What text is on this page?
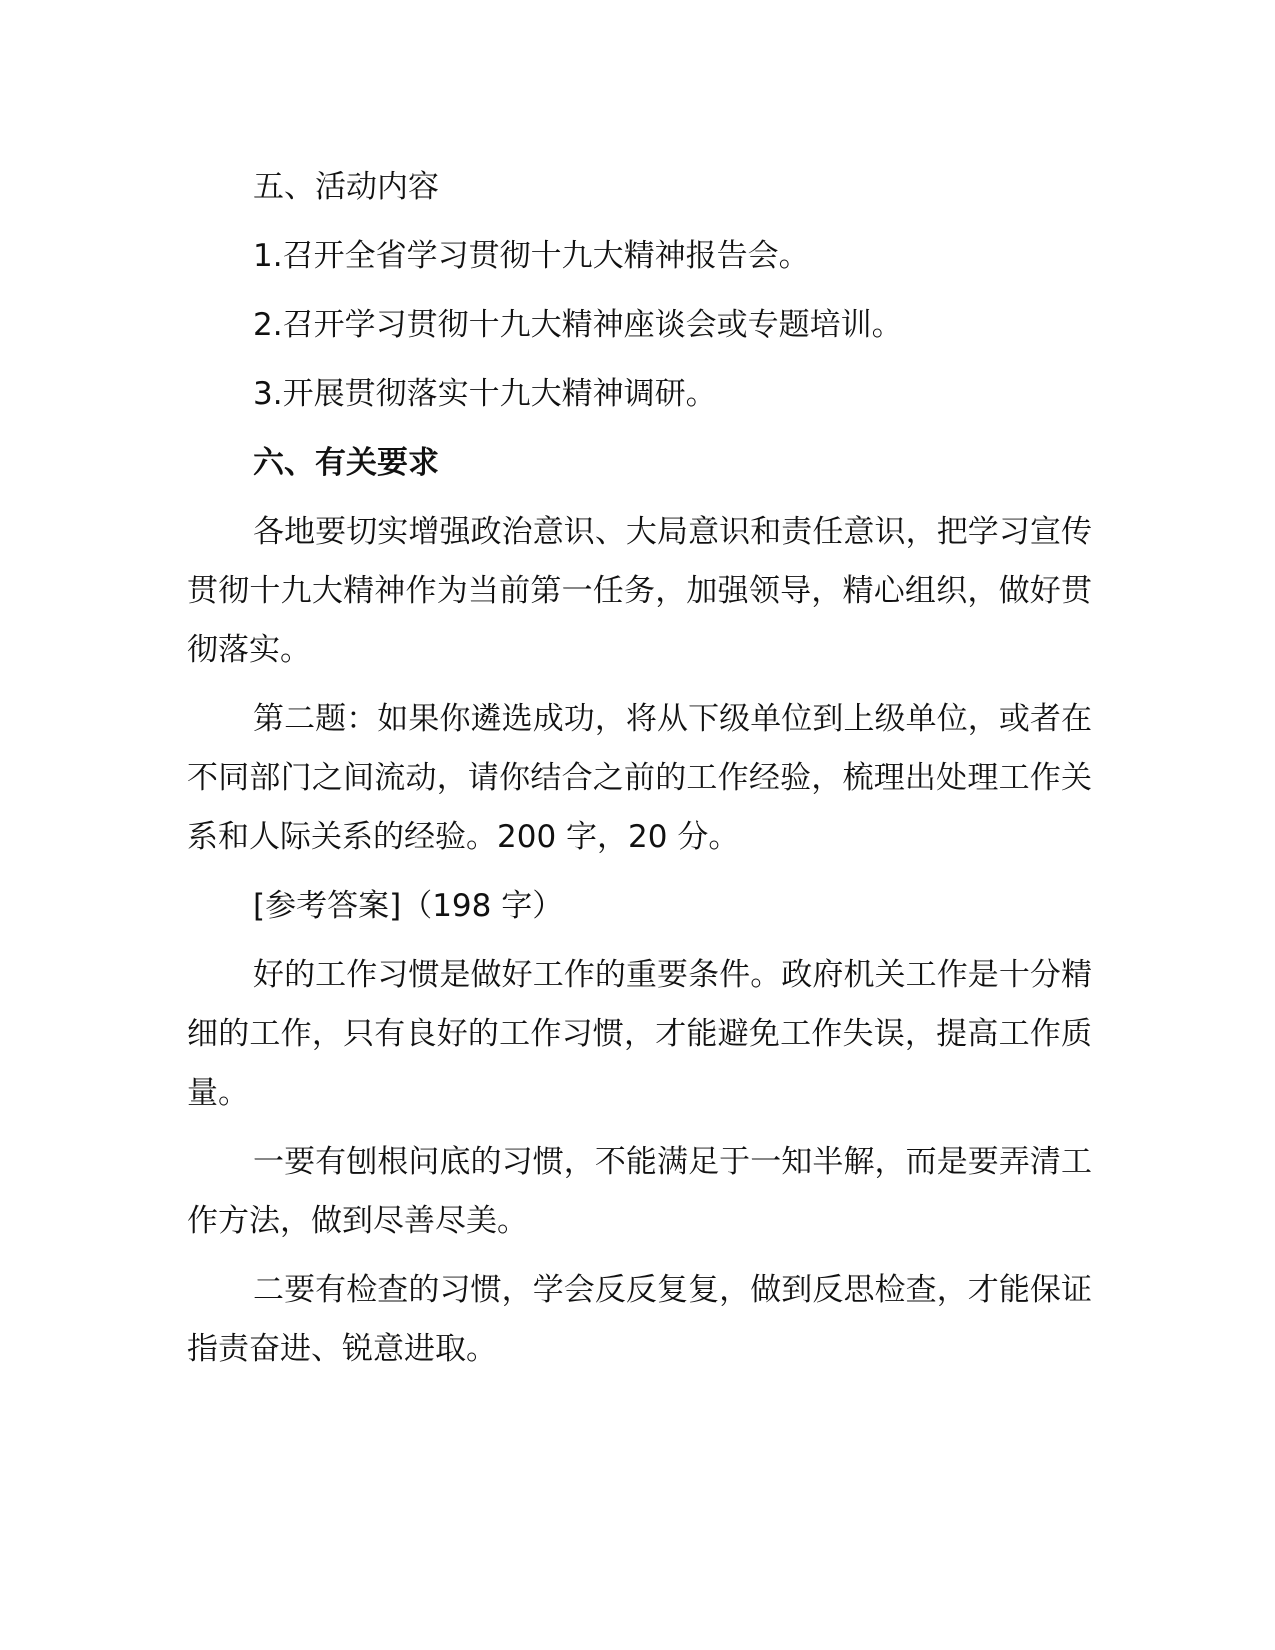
五、活动内容

1.召开全省学习贯彻十九大精神报告会。

2.召开学习贯彻十九大精神座谈会或专题培训。

3.开展贯彻落实十九大精神调研。

六、有关要求

各地要切实增强政治意识、大局意识和责任意识，把学习宣传贯彻十九大精神作为当前第一任务，加强领导，精心组织，做好贯彻落实。

第二题：如果你遴选成功，将从下级单位到上级单位，或者在不同部门之间流动，请你结合之前的工作经验，梳理出处理工作关系和人际关系的经验。200 字，20 分。

[参考答案]（198 字）

好的工作习惯是做好工作的重要条件。政府机关工作是十分精细的工作，只有良好的工作习惯，才能避免工作失误，提高工作质量。

一要有刨根问底的习惯，不能满足于一知半解，而是要弄清工作方法，做到尽善尽美。

二要有检查的习惯，学会反反复复，做到反思检查，才能保证指责奋进、锐意进取。
